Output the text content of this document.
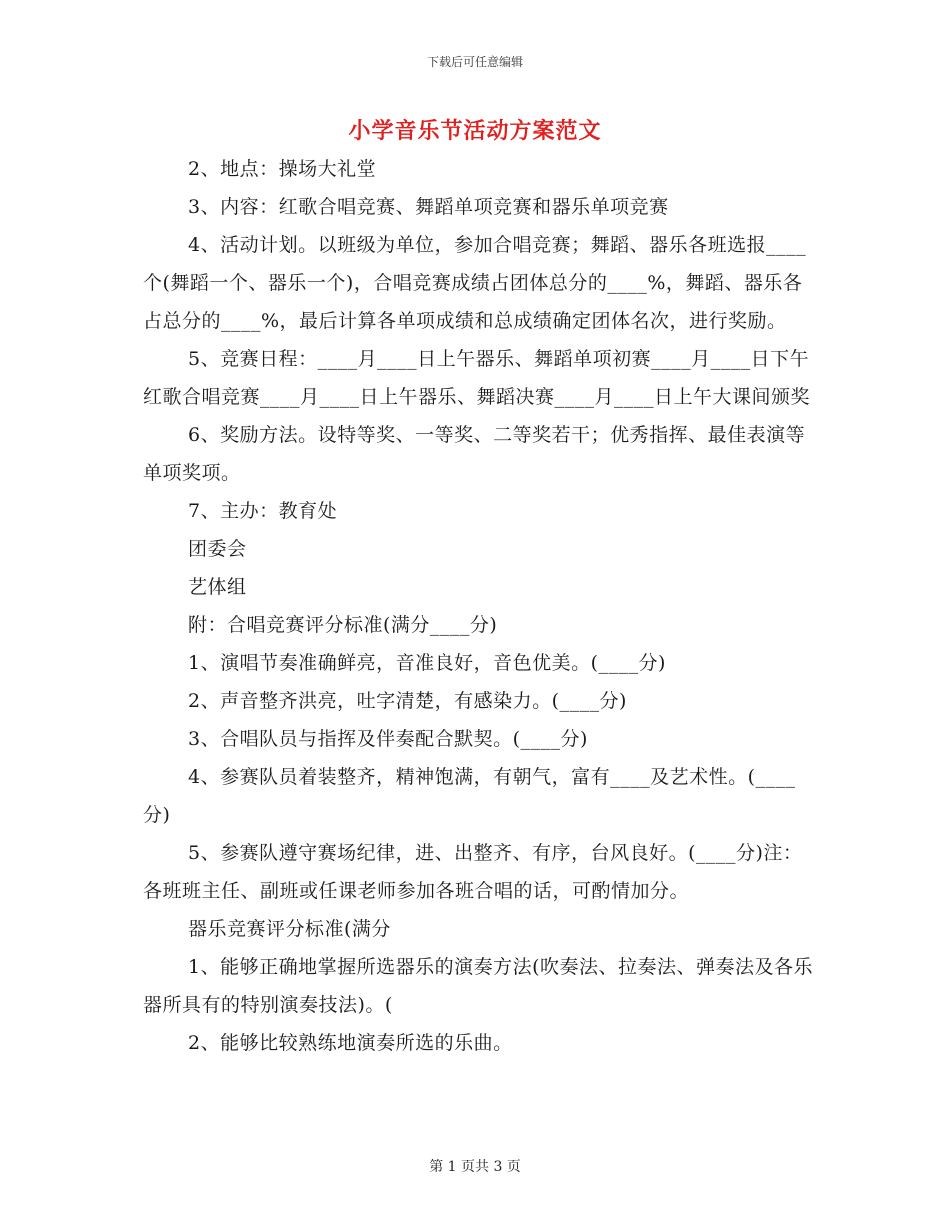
下载后可任意编辑
小学音乐节活动方案范文

2、地点：操场大礼堂

3、内容：红歌合唱竞赛、舞蹈单项竞赛和器乐单项竞赛

4、活动计划。以班级为单位，参加合唱竞赛；舞蹈、器乐各班选报____个(舞蹈一个、器乐一个)，合唱竞赛成绩占团体总分的____%，舞蹈、器乐各占总分的____%，最后计算各单项成绩和总成绩确定团体名次，进行奖励。

5、竞赛日程：____月____日上午器乐、舞蹈单项初赛____月____日下午红歌合唱竞赛____月____日上午器乐、舞蹈决赛____月____日上午大课间颁奖

6、奖励方法。设特等奖、一等奖、二等奖若干；优秀指挥、最佳表演等单项奖项。

7、主办：教育处

团委会

艺体组

附：合唱竞赛评分标准(满分____分)

1、演唱节奏准确鲜亮，音准良好，音色优美。(____分)

2、声音整齐洪亮，吐字清楚，有感染力。(____分)

3、合唱队员与指挥及伴奏配合默契。(____分)

4、参赛队员着装整齐，精神饱满，有朝气，富有____及艺术性。(____分)

5、参赛队遵守赛场纪律，进、出整齐、有序，台风良好。(____分)注：各班班主任、副班或任课老师参加各班合唱的话，可酌情加分。

器乐竞赛评分标准(满分

1、能够正确地掌握所选器乐的演奏方法(吹奏法、拉奏法、弹奏法及各乐器所具有的特别演奏技法)。(

2、能够比较熟练地演奏所选的乐曲。

第 1 页共 3 页
